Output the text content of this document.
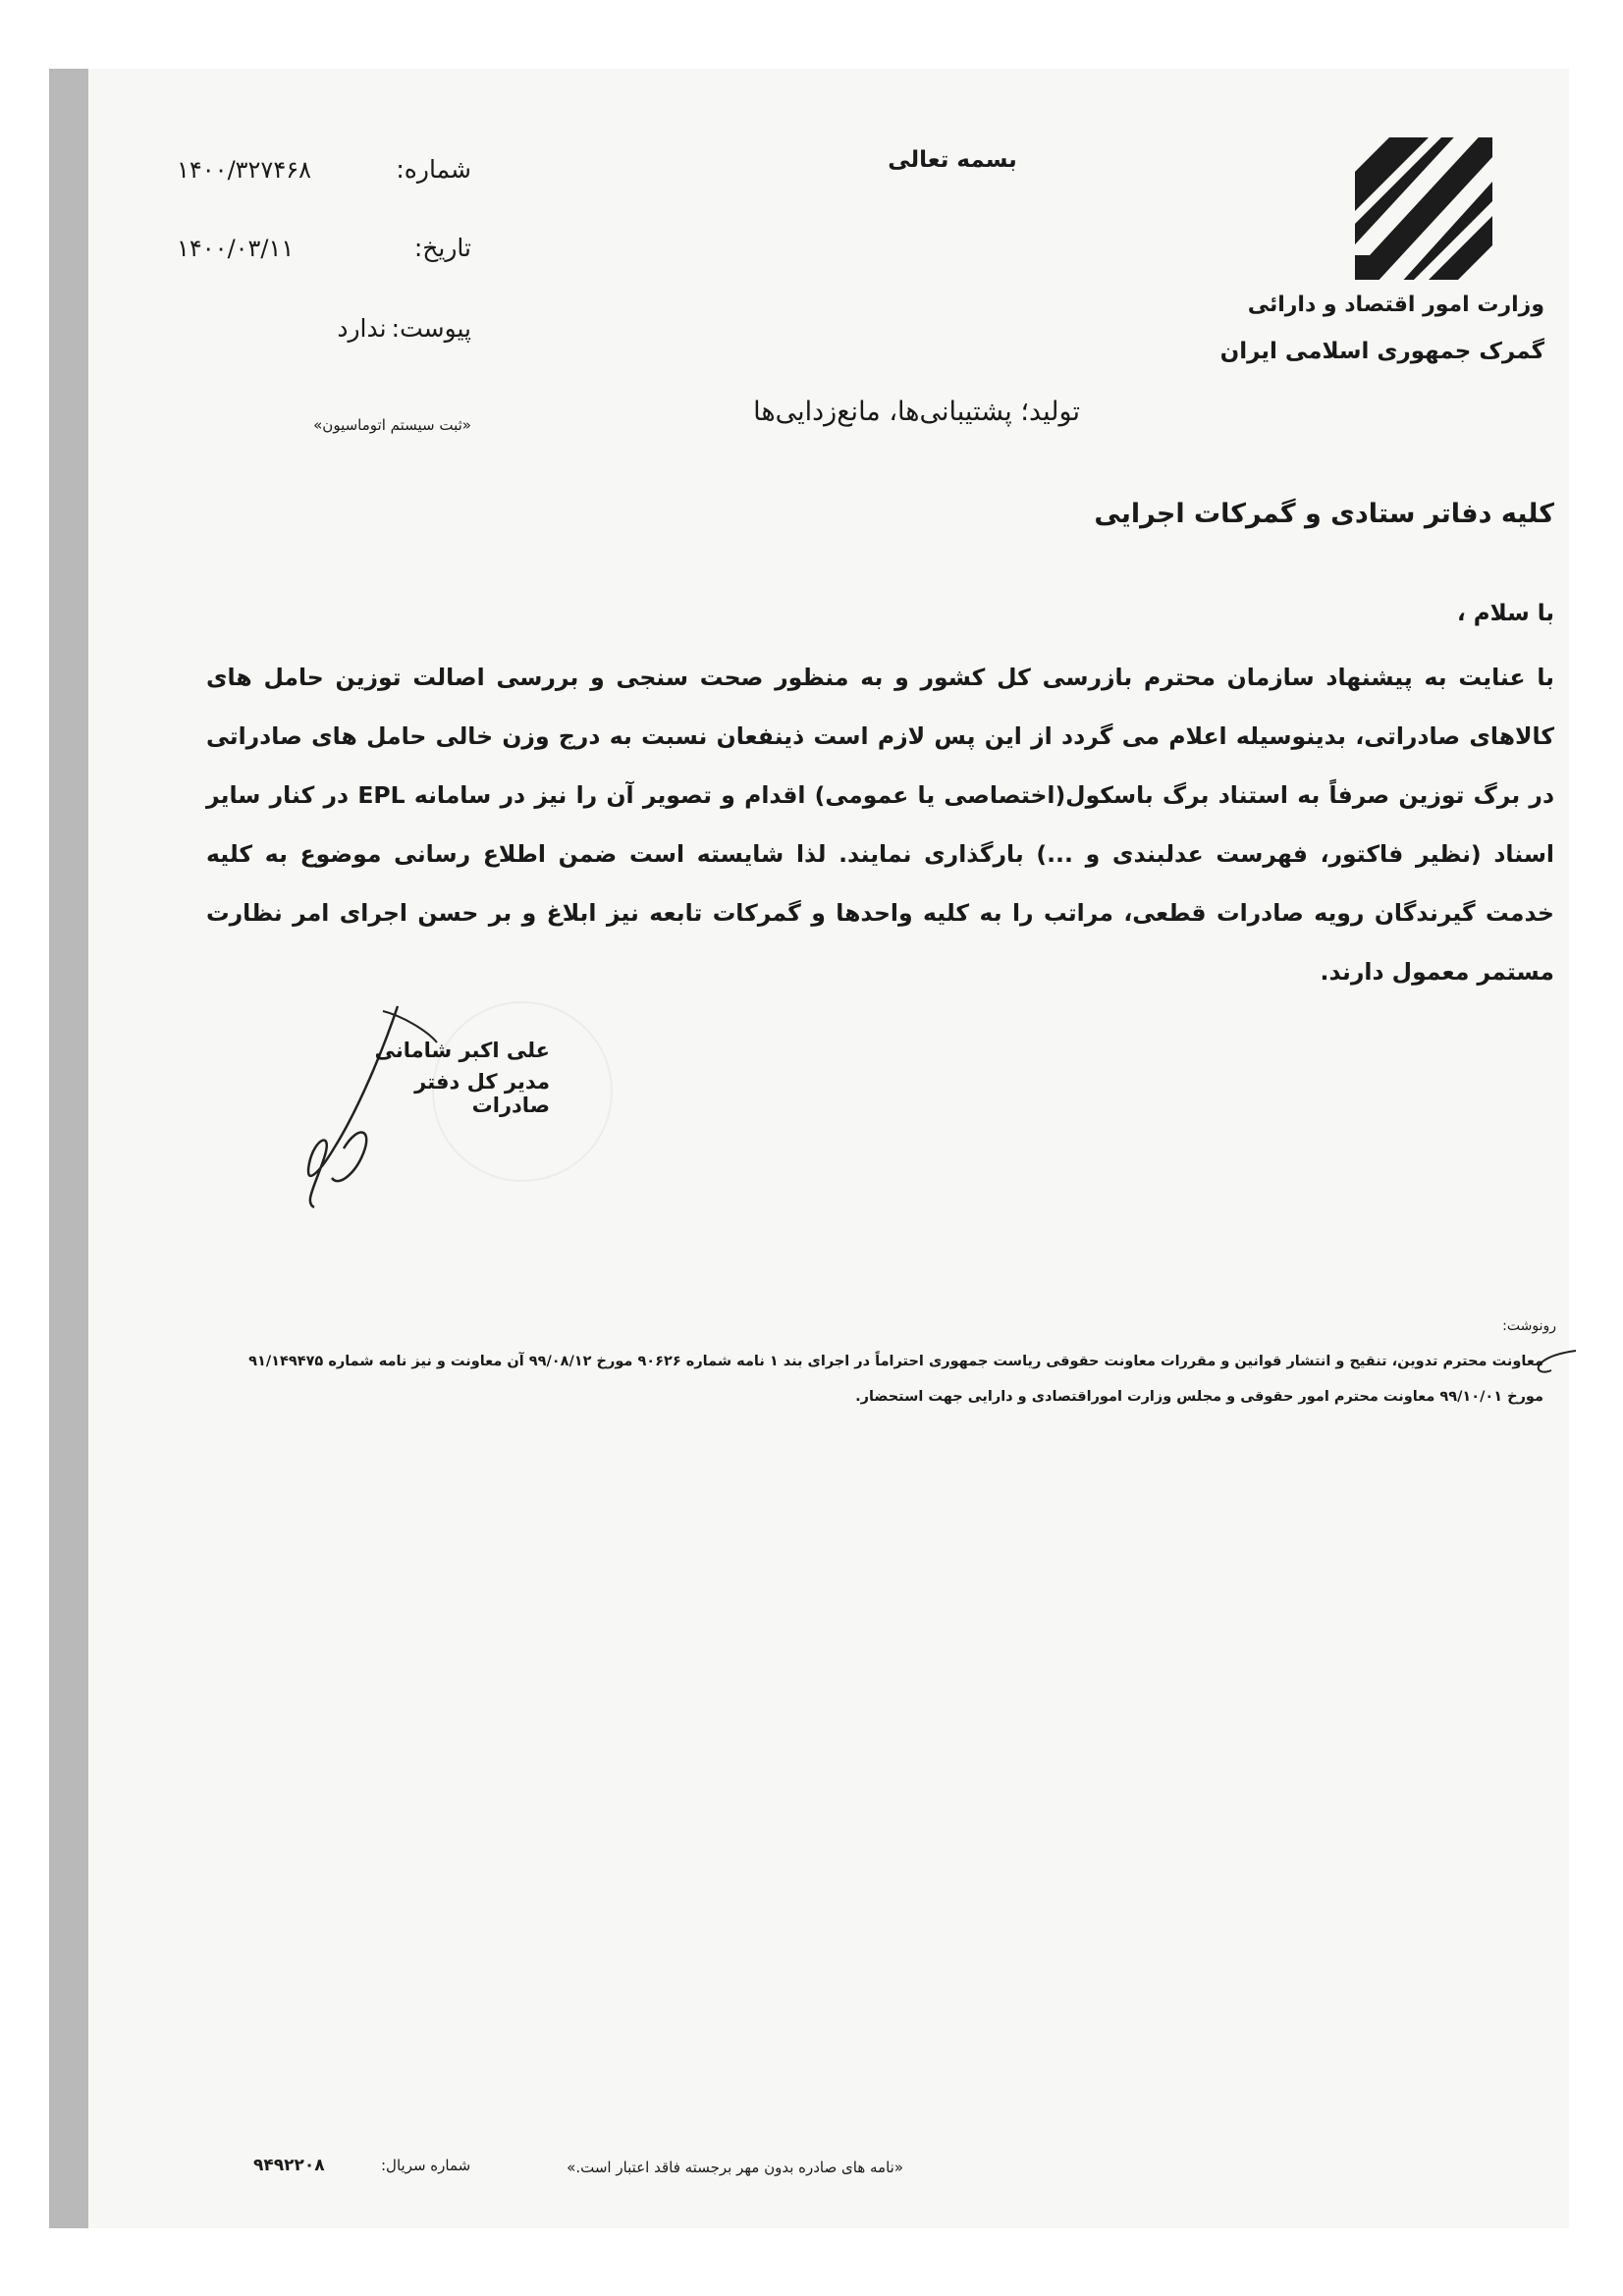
وزارت امور اقتصاد و دارائی
گمرک جمهوری اسلامی ایران
بسمه تعالی
۱۴۰۰/۳۲۷۴۶۸	شماره:
۱۴۰۰/۰۳/۱۱	تاریخ:
پیوست: ندارد
«ثبت سیستم اتوماسیون»	تولید؛ پشتیبانی‌ها، مانع‌زدایی‌ها
کلیه دفاتر ستادی و گمرکات اجرایی
با سلام ،
با عنایت به پیشنهاد سازمان محترم بازرسی کل کشور و به منظور صحت سنجی و بررسی اصالت توزین حامل های کالاهای صادراتی، بدینوسیله اعلام می گردد از این پس لازم است ذینفعان نسبت به درج وزن خالی حامل های صادراتی در برگ توزین صرفاً به استناد برگ باسکول(اختصاصی یا عمومی) اقدام و تصویر آن را نیز در سامانه EPL در کنار سایر اسناد (نظیر فاکتور، فهرست عدلبندی و ...) بارگذاری نمایند. لذا شایسته است ضمن اطلاع رسانی موضوع به کلیه خدمت گیرندگان رویه صادرات قطعی، مراتب را به کلیه واحدها و گمرکات تابعه نیز ابلاغ و بر حسن اجرای امر نظارت مستمر معمول دارند.
علی اکبر شامانی
مدیر کل دفتر صادرات
رونوشت:
معاونت محترم تدوین، تنقیح و انتشار قوانین و مقررات معاونت حقوقی ریاست جمهوری احتراماً در اجرای بند ۱ نامه شماره ۹۰۶۲۶ مورخ ۹۹/۰۸/۱۲ آن معاونت و نیز نامه شماره ۹۱/۱۴۹۴۷۵
مورخ ۹۹/۱۰/۰۱ معاونت محترم امور حقوقی و مجلس وزارت اموراقتصادی و دارایی جهت استحضار.
۹۴۹۲۲۰۸	شماره سریال:	«نامه های صادره بدون مهر برجسته فاقد اعتبار است.»
